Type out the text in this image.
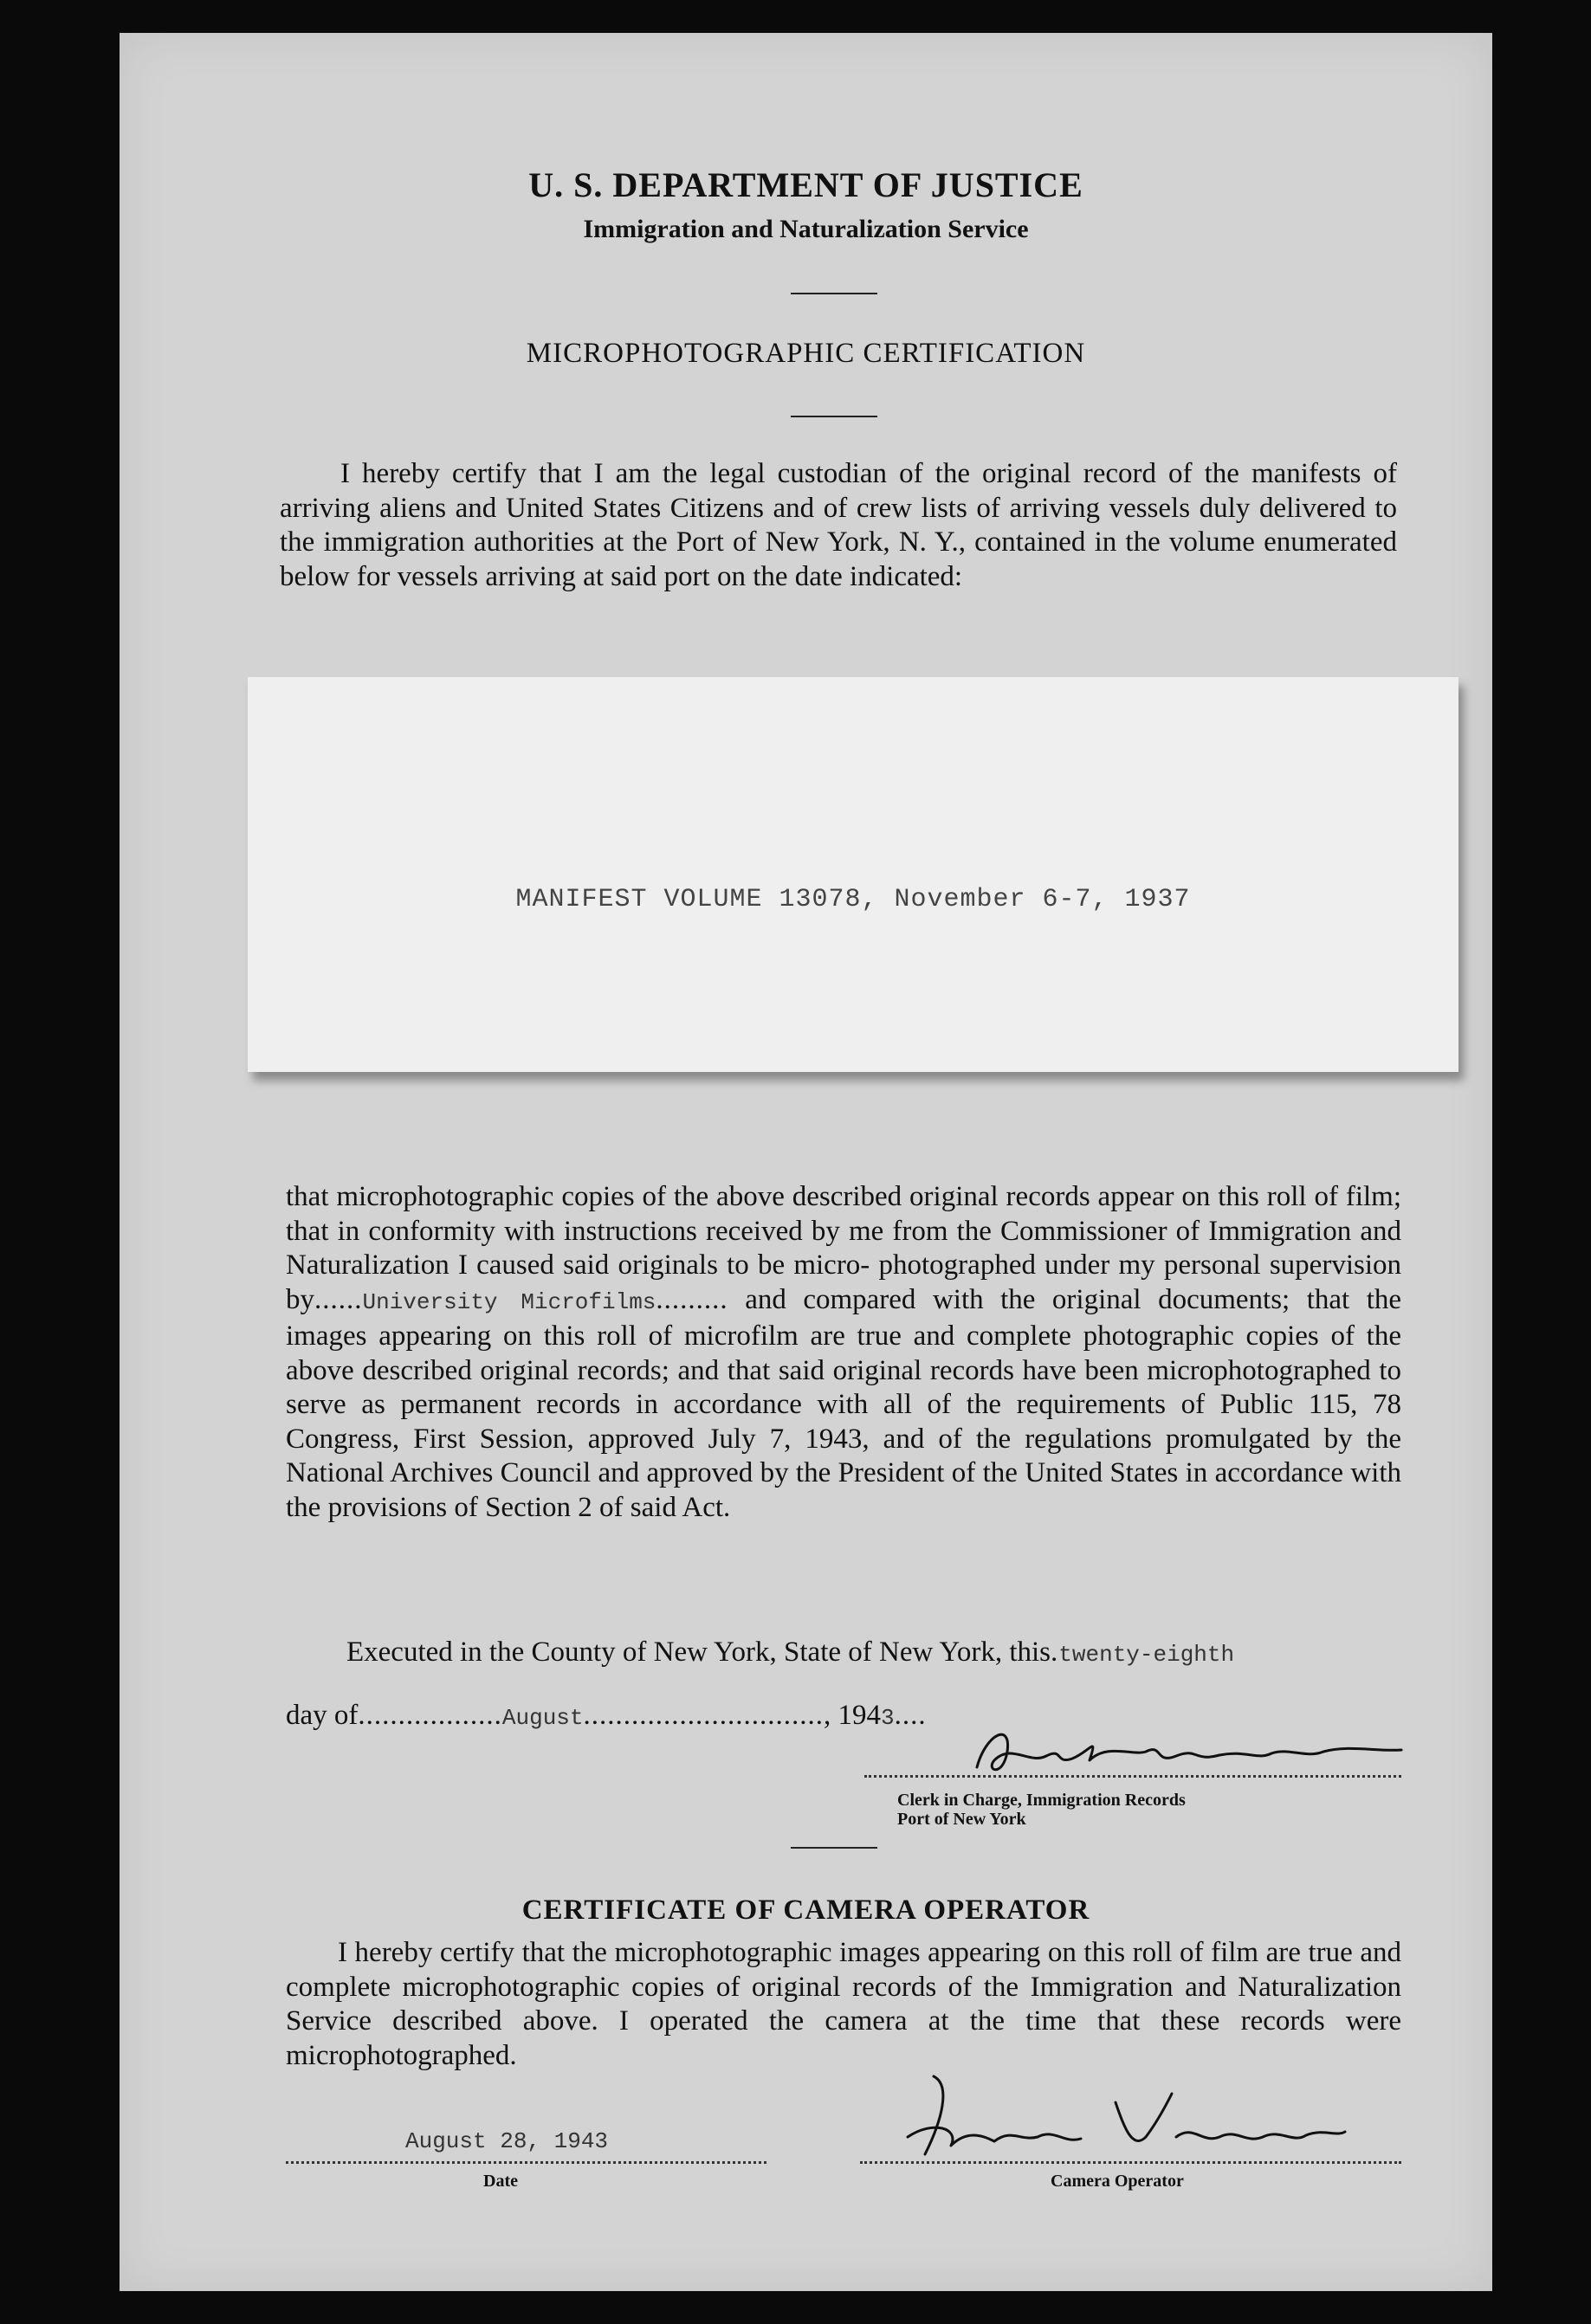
U. S. DEPARTMENT OF JUSTICE
Immigration and Naturalization Service
MICROPHOTOGRAPHIC CERTIFICATION
I hereby certify that I am the legal custodian of the original record of the manifests of arriving aliens and United States Citizens and of crew lists of arriving vessels duly delivered to the immigration authorities at the Port of New York, N. Y., contained in the volume enumerated below for vessels arriving at said port on the date indicated:
MANIFEST VOLUME 13078, November 6-7, 1937
that microphotographic copies of the above described original records appear on this roll of film; that in conformity with instructions received by me from the Commissioner of Immigration and Naturalization I caused said originals to be micro- photographed under my personal supervision by......University Microfilms......... and compared with the original documents; that the images appearing on this roll of microfilm are true and complete photographic copies of the above described original records; and that said original records have been microphotographed to serve as permanent records in accordance with all of the requirements of Public 115, 78 Congress, First Session, approved July 7, 1943, and of the regulations promulgated by the National Archives Council and approved by the President of the United States in accordance with the provisions of Section 2 of said Act.
Executed in the County of New York, State of New York, this.twenty-eighth
day of..................August.............................., 1943....
Clerk in Charge, Immigration Records
Port of New York
CERTIFICATE OF CAMERA OPERATOR
I hereby certify that the microphotographic images appearing on this roll of film are true and complete microphotographic copies of original records of the Immigration and Naturalization Service described above. I operated the camera at the time that these records were microphotographed.
August 28, 1943
Date	Camera Operator
